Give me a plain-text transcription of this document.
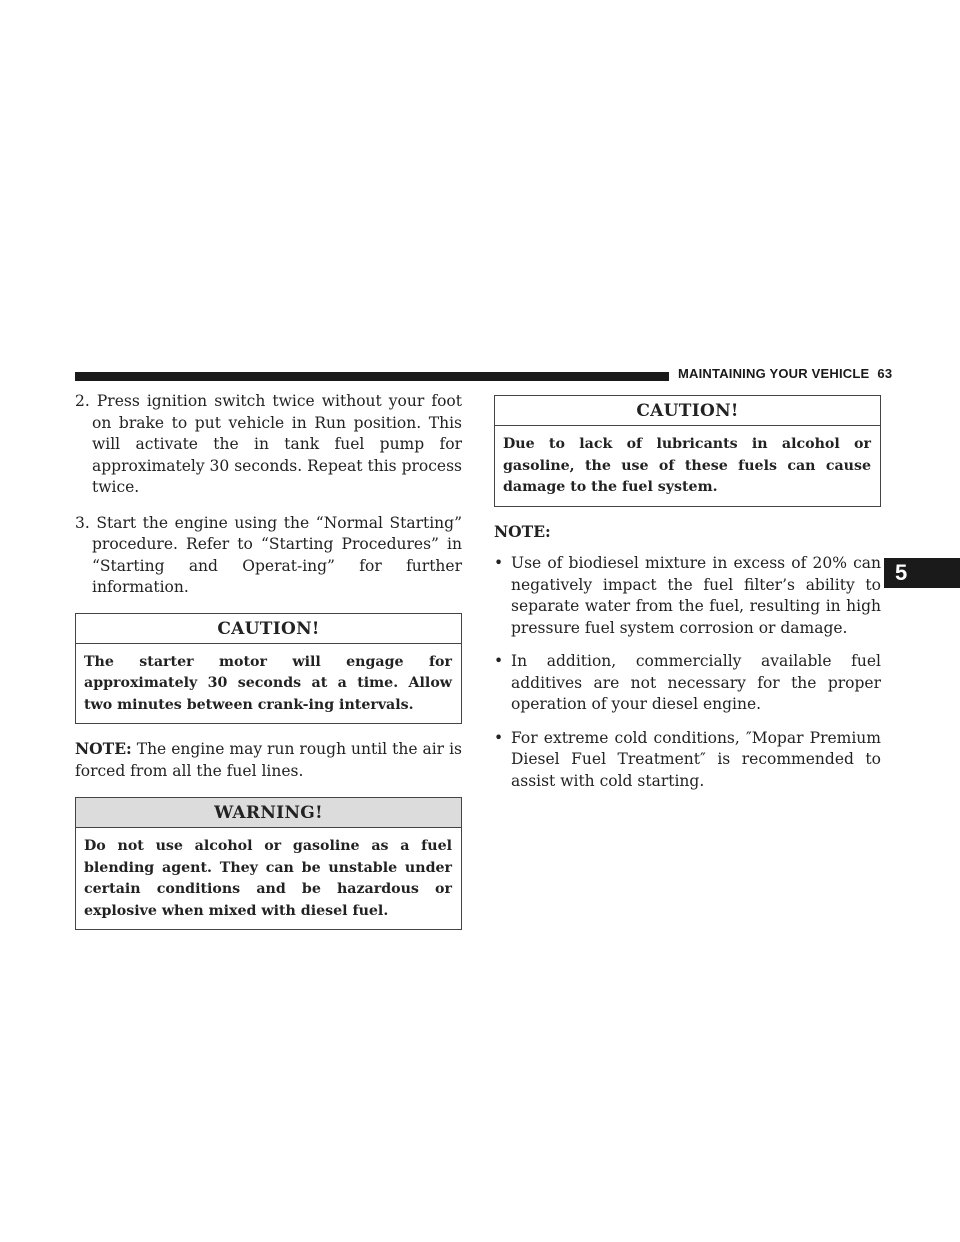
MAINTAINING YOUR VEHICLE 63
5

2. Press ignition switch twice without your foot on brake to put vehicle in Run position. This will activate the in tank fuel pump for approximately 30 seconds. Repeat this process twice.

3. Start the engine using the “Normal Starting” procedure. Refer to “Starting Procedures” in “Starting and Operat-ing” for further information.

CAUTION!
The starter motor will engage for approximately 30 seconds at a time. Allow two minutes between crank-ing intervals.

NOTE: The engine may run rough until the air is forced from all the fuel lines.

WARNING!
Do not use alcohol or gasoline as a fuel blending agent. They can be unstable under certain conditions and be hazardous or explosive when mixed with diesel fuel.
CAUTION!
Due to lack of lubricants in alcohol or gasoline, the use of these fuels can cause damage to the fuel system.

NOTE:

• Use of biodiesel mixture in excess of 20% can negatively impact the fuel filter’s ability to separate water from the fuel, resulting in high pressure fuel system corrosion or damage.
• In addition, commercially available fuel additives are not necessary for the proper operation of your diesel engine.
• For extreme cold conditions, ″Mopar Premium Diesel Fuel Treatment″ is recommended to assist with cold starting.
